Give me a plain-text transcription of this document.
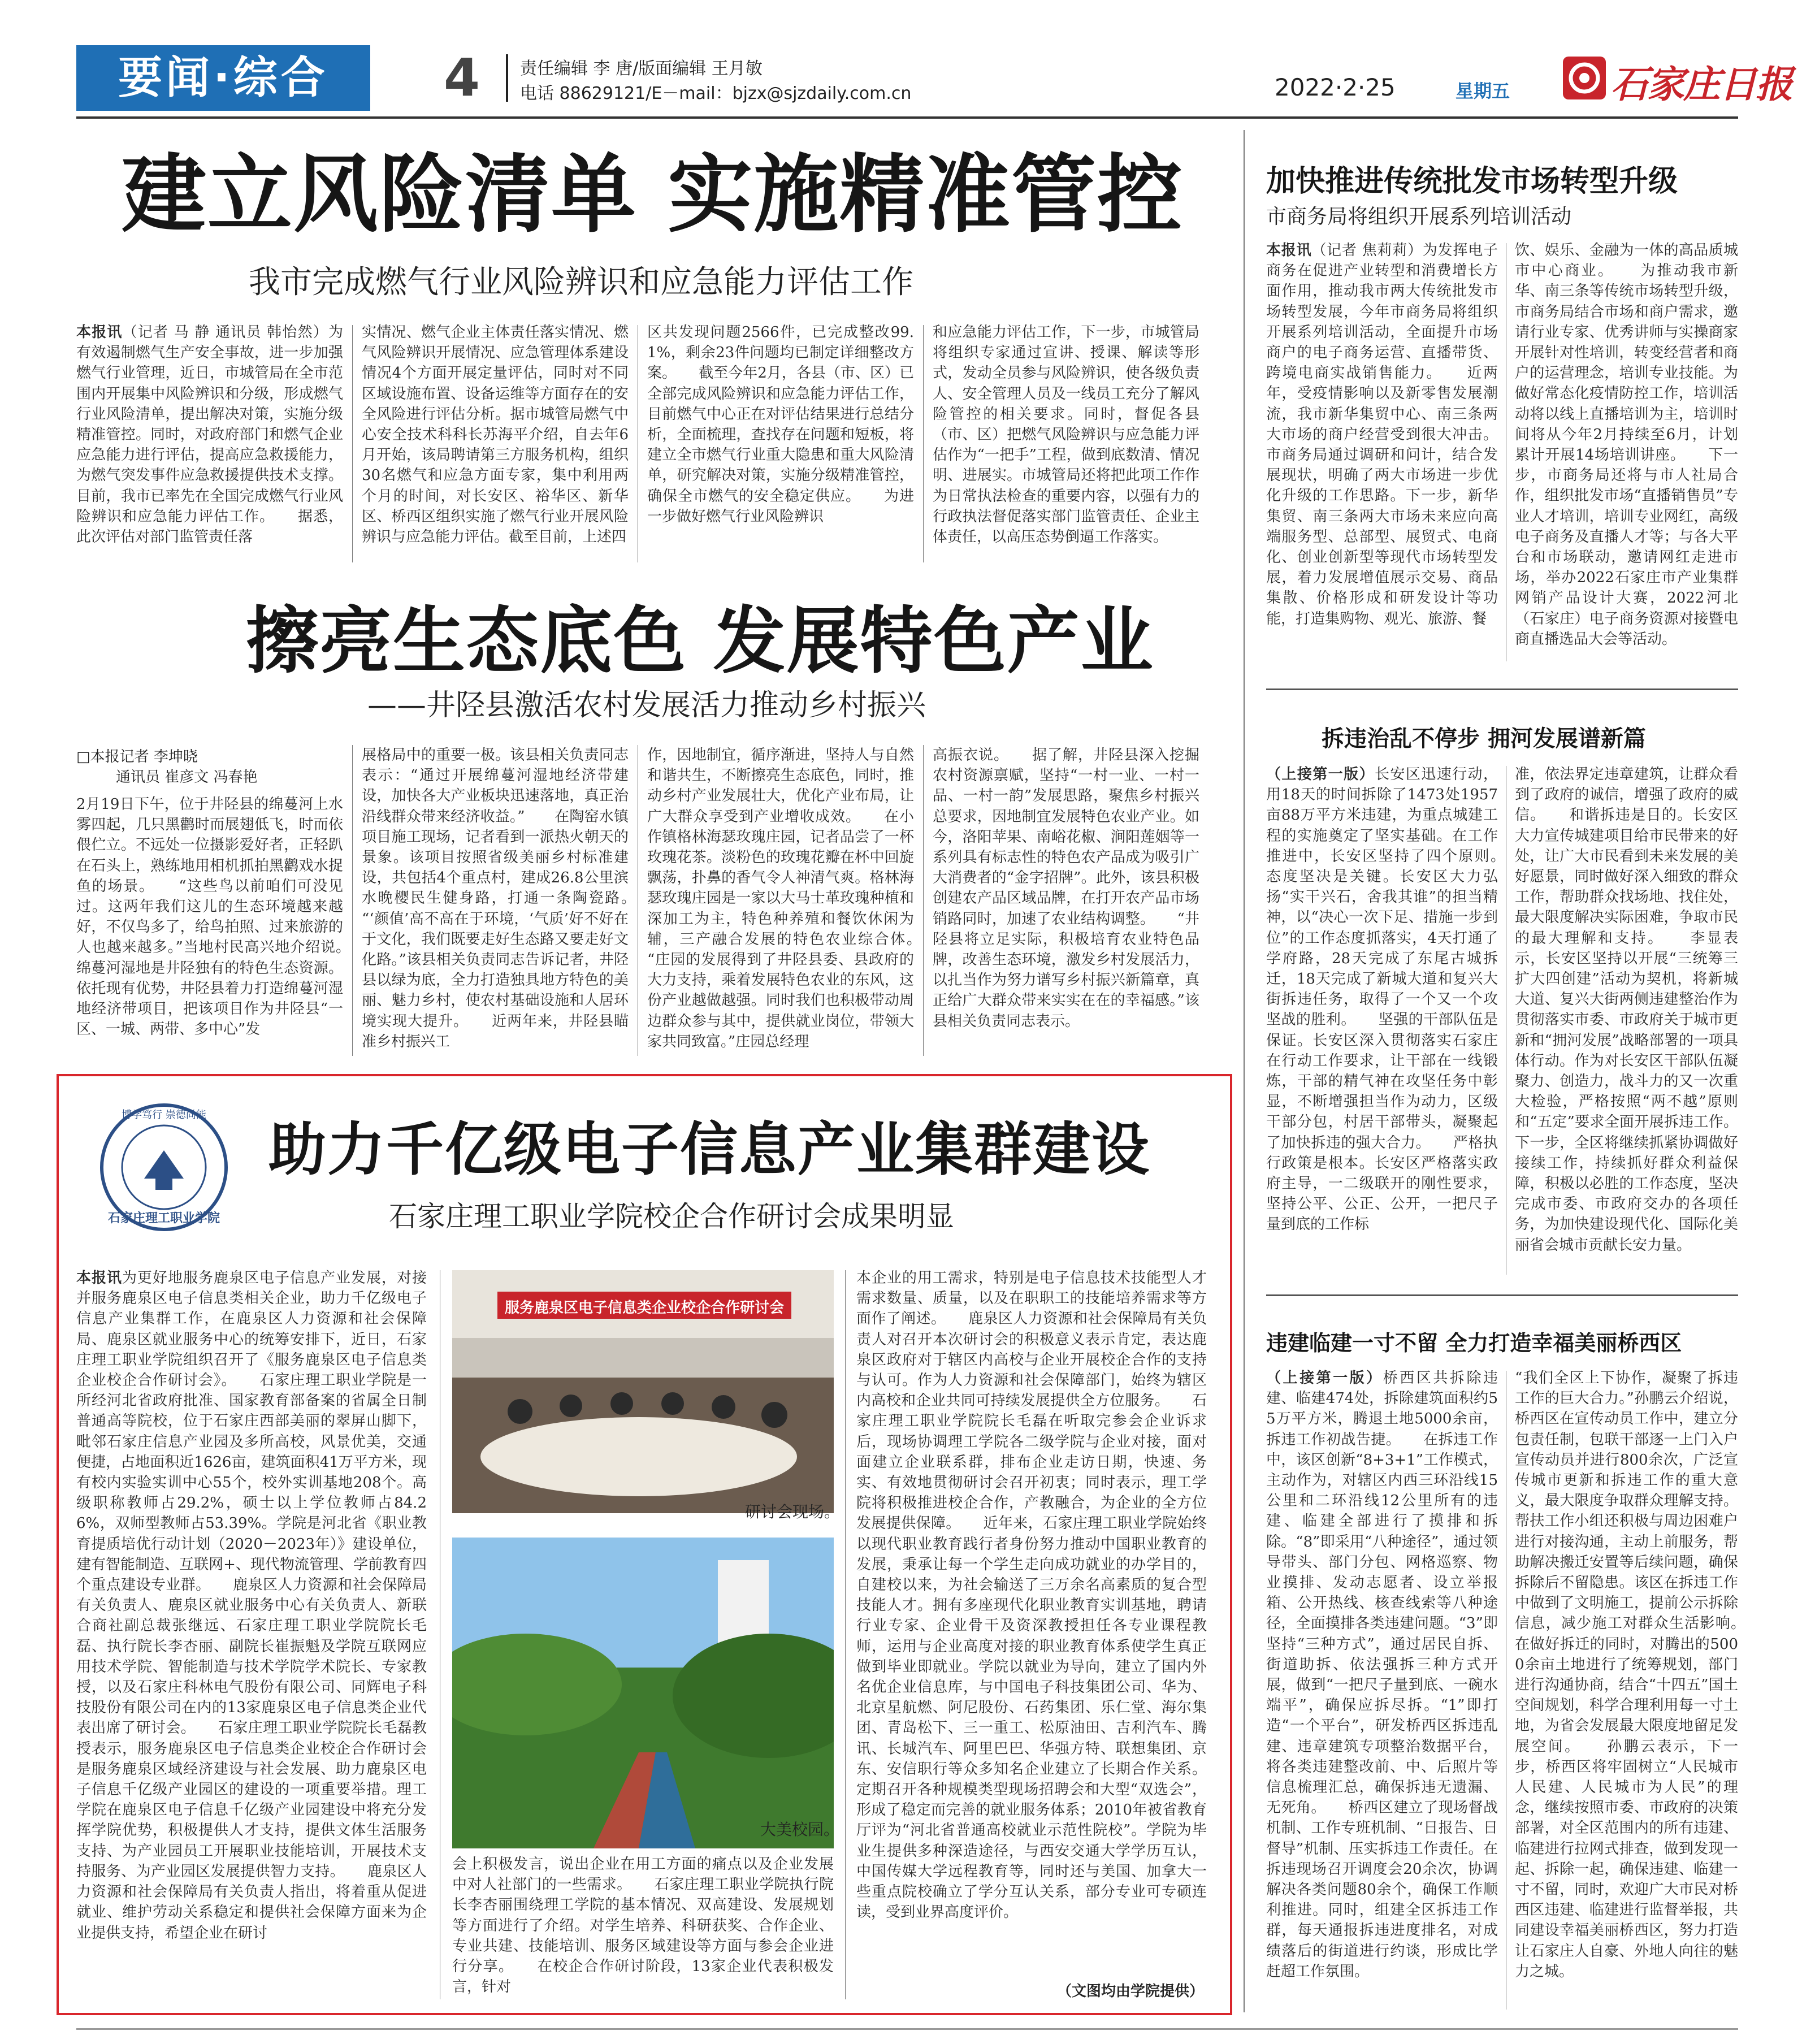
要闻·综合	4 责任编辑 李 唐/版面编辑 王月敏
电话 88629121/E－mail：bjzx@sjzdaily.com.cn	2022·2·25	星期五	石家庄日报
建立风险清单 实施精准管控
我市完成燃气行业风险辨识和应急能力评估工作
本报讯（记者 马 静 通讯员 韩怡然）为有效遏制燃气生产安全事故，进一步加强燃气行业管理，近日，市城管局在全市范围内开展集中风险辨识和分级，形成燃气行业风险清单，提出解决对策，实施分级精准管控。同时，对政府部门和燃气企业应急能力进行评估，提高应急救援能力，为燃气突发事件应急救援提供技术支撑。目前，我市已率先在全国完成燃气行业风险辨识和应急能力评估工作。　　据悉，此次评估对部门监管责任落
实情况、燃气企业主体责任落实情况、燃气风险辨识开展情况、应急管理体系建设情况4个方面开展定量评估，同时对不同区域设施布置、设备运维等方面存在的安全风险进行评估分析。据市城管局燃气中心安全技术科科长苏海平介绍，自去年6月开始，该局聘请第三方服务机构，组织30名燃气和应急方面专家，集中利用两个月的时间，对长安区、裕华区、新华区、桥西区组织实施了燃气行业开展风险辨识与应急能力评估。截至目前，上述四
区共发现问题2566件，已完成整改99.1%，剩余23件问题均已制定详细整改方案。　　截至今年2月，各县（市、区）已全部完成风险辨识和应急能力评估工作，目前燃气中心正在对评估结果进行总结分析，全面梳理，查找存在问题和短板，将建立全市燃气行业重大隐患和重大风险清单，研究解决对策，实施分级精准管控，确保全市燃气的安全稳定供应。　　为进一步做好燃气行业风险辨识
和应急能力评估工作，下一步，市城管局将组织专家通过宣讲、授课、解读等形式，发动全员参与风险辨识，使各级负责人、安全管理人员及一线员工充分了解风险管控的相关要求。同时，督促各县（市、区）把燃气风险辨识与应急能力评估作为“一把手”工程，做到底数清、情况明、进展实。市城管局还将把此项工作作为日常执法检查的重要内容，以强有力的行政执法督促落实部门监管责任、企业主体责任，以高压态势倒逼工作落实。
擦亮生态底色 发展特色产业
——井陉县激活农村发展活力推动乡村振兴
□本报记者 李坤晓
通讯员 崔彦文 冯春艳
2月19日下午，位于井陉县的绵蔓河上水雾四起，几只黑鹳时而展翅低飞，时而依偎伫立。不远处一位摄影爱好者，正轻趴在石头上，熟练地用相机抓拍黑鹳戏水捉鱼的场景。　　“这些鸟以前咱们可没见过。这两年我们这儿的生态环境越来越好，不仅鸟多了，给鸟拍照、过来旅游的人也越来越多。”当地村民高兴地介绍说。　　绵蔓河湿地是井陉独有的特色生态资源。依托现有优势，井陉县着力打造绵蔓河湿地经济带项目，把该项目作为井陉县“一区、一城、两带、多中心”发
展格局中的重要一极。该县相关负责同志表示：“通过开展绵蔓河湿地经济带建设，加快各大产业板块迅速落地，真正治沿线群众带来经济收益。”　　在陶窑水镇项目施工现场，记者看到一派热火朝天的景象。该项目按照省级美丽乡村标准建设，共包括4个重点村，建成26.8公里滨水晚樱民生健身路，打通一条陶瓷路。　　“‘颜值’高不高在于环境，‘气质’好不好在于文化，我们既要走好生态路又要走好文化路。”该县相关负责同志告诉记者，井陉县以绿为底，全力打造独具地方特色的美丽、魅力乡村，使农村基础设施和人居环境实现大提升。　　近两年来，井陉县瞄准乡村振兴工
作，因地制宜，循序渐进，坚持人与自然和谐共生，不断擦亮生态底色，同时，推动乡村产业发展壮大，优化产业布局，让广大群众享受到产业增收成效。　　在小作镇格林海瑟玫瑰庄园，记者品尝了一杯玫瑰花茶。淡粉色的玫瑰花瓣在杯中回旋飘荡，扑鼻的香气令人神清气爽。格林海瑟玫瑰庄园是一家以大马士革玫瑰种植和深加工为主，特色种养殖和餐饮休闲为辅，三产融合发展的特色农业综合体。　　“庄园的发展得到了井陉县委、县政府的大力支持，乘着发展特色农业的东风，这份产业越做越强。同时我们也积极带动周边群众参与其中，提供就业岗位，带领大家共同致富。”庄园总经理
高振衣说。　　据了解，井陉县深入挖掘农村资源禀赋，坚持“一村一业、一村一品、一村一韵”发展思路，聚焦乡村振兴总要求，因地制宜发展特色农业产业。如今，洛阳苹果、南峪花椒、涧阳莲姻等一系列具有标志性的特色农产品成为吸引广大消费者的“金字招牌”。此外，该县积极创建农产品区域品牌，在打开农产品市场销路同时，加速了农业结构调整。　　“井陉县将立足实际，积极培育农业特色品牌，改善生态环境，激发乡村发展活力，以扎当作为努力谱写乡村振兴新篇章，真正给广大群众带来实实在在的幸福感。”该县相关负责同志表示。
石家庄理工职业学院
博学笃行 崇德尚能
助力千亿级电子信息产业集群建设
石家庄理工职业学院校企合作研讨会成果明显
本报讯为更好地服务鹿泉区电子信息产业发展，对接并服务鹿泉区电子信息类相关企业，助力千亿级电子信息产业集群工作，在鹿泉区人力资源和社会保障局、鹿泉区就业服务中心的统筹安排下，近日，石家庄理工职业学院组织召开了《服务鹿泉区电子信息类企业校企合作研讨会》。　　石家庄理工职业学院是一所经河北省政府批准、国家教育部备案的省属全日制普通高等院校，位于石家庄西部美丽的翠屏山脚下，毗邻石家庄信息产业园及多所高校，风景优美，交通便捷，占地面积近1626亩，建筑面积41万平方米，现有校内实验实训中心55个，校外实训基地208个。高级职称教师占29.2%，硕士以上学位教师占84.26%，双师型教师占53.39%。学院是河北省《职业教育提质培优行动计划（2020－2023年）》建设单位，建有智能制造、互联网+、现代物流管理、学前教育四个重点建设专业群。　　鹿泉区人力资源和社会保障局有关负责人、鹿泉区就业服务中心有关负责人、新联合商社副总裁张继远、石家庄理工职业学院院长毛磊、执行院长李杏丽、副院长崔振魁及学院互联网应用技术学院、智能制造与技术学院学术院长、专家教授，以及石家庄科林电气股份有限公司、同辉电子科技股份有限公司在内的13家鹿泉区电子信息类企业代表出席了研讨会。　　石家庄理工职业学院院长毛磊教授表示，服务鹿泉区电子信息类企业校企合作研讨会是服务鹿泉区域经济建设与社会发展、助力鹿泉区电子信息千亿级产业园区的建设的一项重要举措。理工学院在鹿泉区电子信息千亿级产业园建设中将充分发挥学院优势，积极提供人才支持，提供文体生活服务支持、为产业园员工开展职业技能培训，开展技术支持服务、为产业园区发展提供智力支持。　　鹿泉区人力资源和社会保障局有关负责人指出，将着重从促进就业、维护劳动关系稳定和提供社会保障方面来为企业提供支持，希望企业在研讨
服务鹿泉区电子信息类企业校企合作研讨会
研讨会现场。
大美校园。
会上积极发言，说出企业在用工方面的痛点以及企业发展中对人社部门的一些需求。　　石家庄理工职业学院执行院长李杏丽围绕理工学院的基本情况、双高建设、发展规划等方面进行了介绍。对学生培养、科研获奖、合作企业、专业共建、技能培训、服务区域建设等方面与参会企业进行分享。　　在校企合作研讨阶段，13家企业代表积极发言，针对
本企业的用工需求，特别是电子信息技术技能型人才需求数量、质量，以及在职职工的技能培养需求等方面作了阐述。　　鹿泉区人力资源和社会保障局有关负责人对召开本次研讨会的积极意义表示肯定，表达鹿泉区政府对于辖区内高校与企业开展校企合作的支持与认可。作为人力资源和社会保障部门，始终为辖区内高校和企业共同可持续发展提供全方位服务。　　石家庄理工职业学院院长毛磊在听取完参会企业诉求后，现场协调理工学院各二级学院与企业对接，面对面建立企业联系群，排布企业走访日期，快速、务实、有效地贯彻研讨会召开初衷；同时表示，理工学院将积极推进校企合作，产教融合，为企业的全方位发展提供保障。　　近年来，石家庄理工职业学院始终以现代职业教育践行者身份努力推动中国职业教育的发展，秉承让每一个学生走向成功就业的办学目的，自建校以来，为社会输送了三万余名高素质的复合型技能人才。拥有多座现代化职业教育实训基地，聘请行业专家、企业骨干及资深教授担任各专业课程教师，运用与企业高度对接的职业教育体系使学生真正做到毕业即就业。学院以就业为导向，建立了国内外名优企业信息库，与中国电子科技集团公司、华为、北京星航燃、阿尼股份、石药集团、乐仁堂、海尔集团、青岛松下、三一重工、松原油田、吉利汽车、腾讯、长城汽车、阿里巴巴、华强方特、联想集团、京东、安信职行等众多知名企业建立了长期合作关系。定期召开各种规模类型现场招聘会和大型“双选会”，形成了稳定而完善的就业服务体系；2010年被省教育厅评为“河北省普通高校就业示范性院校”。学院为毕业生提供多种深造途径，与西安交通大学学历互认，中国传媒大学远程教育等，同时还与美国、加拿大一些重点院校确立了学分互认关系，部分专业可专硕连读，受到业界高度评价。
（文图均由学院提供）
加快推进传统批发市场转型升级
市商务局将组织开展系列培训活动
本报讯（记者 焦莉莉）为发挥电子商务在促进产业转型和消费增长方面作用，推动我市两大传统批发市场转型发展，今年市商务局将组织开展系列培训活动，全面提升市场商户的电子商务运营、直播带货、跨境电商实战销售能力。　　近两年，受疫情影响以及新零售发展潮流，我市新华集贸中心、南三条两大市场的商户经营受到很大冲击。市商务局通过调研和问计，结合发展现状，明确了两大市场进一步优化升级的工作思路。下一步，新华集贸、南三条两大市场未来应向高端服务型、总部型、展贸式、电商化、创业创新型等现代市场转型发展，着力发展增值展示交易、商品集散、价格形成和研发设计等功能，打造集购物、观光、旅游、餐
饮、娱乐、金融为一体的高品质城市中心商业。　　为推动我市新华、南三条等传统市场转型升级，市商务局结合市场和商户需求，邀请行业专家、优秀讲师与实操商家开展针对性培训，转变经营者和商户的运营理念，培训专业技能。为做好常态化疫情防控工作，培训活动将以线上直播培训为主，培训时间将从今年2月持续至6月，计划累计开展14场培训讲座。　　下一步，市商务局还将与市人社局合作，组织批发市场“直播销售员”专业人才培训，培训专业网红，高级电子商务及直播人才等；与各大平台和市场联动，邀请网红走进市场，举办2022石家庄市产业集群网销产品设计大赛，2022河北（石家庄）电子商务资源对接暨电商直播选品大会等活动。
拆违治乱不停步 拥河发展谱新篇
（上接第一版）长安区迅速行动，用18天的时间拆除了1473处1957亩88万平方米违建，为重点城建工程的实施奠定了坚实基础。在工作推进中，长安区坚持了四个原则。　　态度坚决是关键。长安区大力弘扬“实干兴石，舍我其谁”的担当精神，以“决心一次下足、措施一步到位”的工作态度抓落实，4天打通了学府路，28天完成了东尾古城拆迁，18天完成了新城大道和复兴大街拆违任务，取得了一个又一个攻坚战的胜利。　　坚强的干部队伍是保证。长安区深入贯彻落实石家庄在行动工作要求，让干部在一线锻炼，干部的精气神在攻坚任务中彰显，不断增强担当作为动力，区级干部分包，村居干部带头，凝聚起了加快拆违的强大合力。　　严格执行政策是根本。长安区严格落实政府主导，一二级联开的刚性要求，坚持公平、公正、公开，一把尺子量到底的工作标
准，依法界定违章建筑，让群众看到了政府的诚信，增强了政府的威信。　　和谐拆违是目的。长安区大力宣传城建项目给市民带来的好处，让广大市民看到未来发展的美好愿景，同时做好深入细致的群众工作，帮助群众找场地、找住处，最大限度解决实际困难，争取市民的最大理解和支持。　　李显表示，长安区坚持以开展“三统筹三扩大四创建”活动为契机，将新城大道、复兴大街两侧违建整治作为贯彻落实市委、市政府关于城市更新和“拥河发展”战略部署的一项具体行动。作为对长安区干部队伍凝聚力、创造力，战斗力的又一次重大检验，严格按照“两不越”原则和“五定”要求全面开展拆违工作。下一步，全区将继续抓紧协调做好接续工作，持续抓好群众利益保障，积极以必胜的工作态度，坚决完成市委、市政府交办的各项任务，为加快建设现代化、国际化美丽省会城市贡献长安力量。
违建临建一寸不留 全力打造幸福美丽桥西区
（上接第一版）桥西区共拆除违建、临建474处，拆除建筑面积约55万平方米，腾退土地5000余亩，拆违工作初战告捷。　　在拆违工作中，该区创新“8+3+1”工作模式，主动作为，对辖区内西三环沿线15公里和二环沿线12公里所有的违建、临建全部进行了摸排和拆除。“8”即采用“八种途径”，通过领导带头、部门分包、网格巡察、物业摸排、发动志愿者、设立举报箱、公开热线、核查线索等八种途径，全面摸排各类违建问题。“3”即坚持“三种方式”，通过居民自拆、街道助拆、依法强拆三种方式开展，做到“一把尺子量到底、一碗水端平”，确保应拆尽拆。“1”即打造“一个平台”，研发桥西区拆违乱建、违章建筑专项整治数据平台，将各类违建整改前、中、后照片等信息梳理汇总，确保拆违无遗漏、无死角。　　桥西区建立了现场督战机制、工作专班机制、“日报告、日督导”机制、压实拆违工作责任。在拆违现场召开调度会20余次，协调解决各类问题80余个，确保工作顺利推进。同时，组建全区拆违工作群，每天通报拆违进度排名，对成绩落后的街道进行约谈，形成比学赶超工作氛围。
“我们全区上下协作，凝聚了拆违工作的巨大合力。”孙鹏云介绍说，桥西区在宣传动员工作中，建立分包责任制，包联干部逐一上门入户宣传动员并进行800余次，广泛宣传城市更新和拆违工作的重大意义，最大限度争取群众理解支持。帮扶工作小组还积极与周边困难户进行对接沟通，主动上前服务，帮助解决搬迁安置等后续问题，确保拆除后不留隐患。该区在拆违工作中做到了文明施工，提前公示拆除信息，减少施工对群众生活影响。　　在做好拆迁的同时，对腾出的5000余亩土地进行了统筹规划，部门进行沟通协商，结合“十四五”国土空间规划，科学合理利用每一寸土地，为省会发展最大限度地留足发展空间。　　孙鹏云表示，下一步，桥西区将牢固树立“人民城市人民建、人民城市为人民”的理念，继续按照市委、市政府的决策部署，对全区范围内的所有违建、临建进行拉网式排查，做到发现一起、拆除一起，确保违建、临建一寸不留，同时，欢迎广大市民对桥西区违建、临建进行监督举报，共同建设幸福美丽桥西区，努力打造让石家庄人自豪、外地人向往的魅力之城。
